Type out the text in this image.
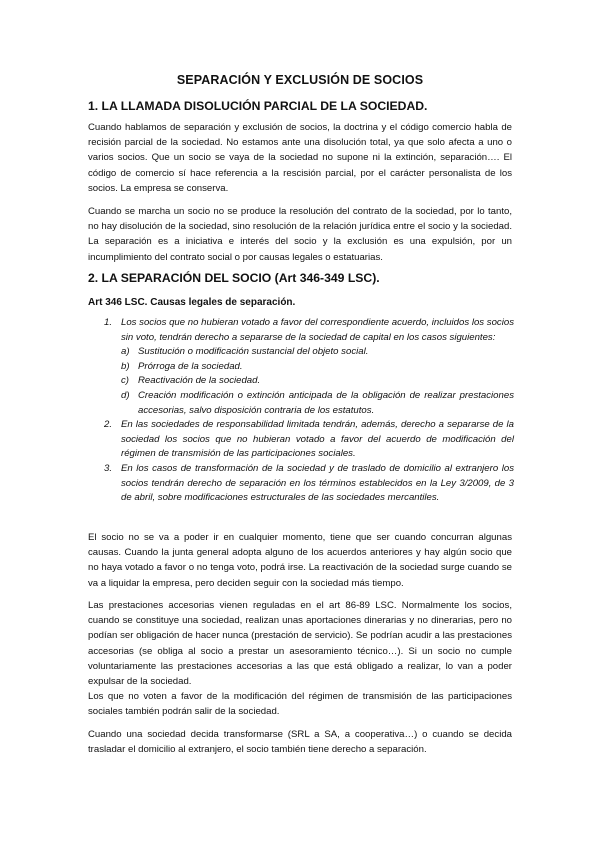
SEPARACIÓN Y EXCLUSIÓN DE SOCIOS
1. LA LLAMADA DISOLUCIÓN PARCIAL DE LA SOCIEDAD.

Cuando hablamos de separación y exclusión de socios, la doctrina y el código comercio habla de recisión parcial de la sociedad. No estamos ante una disolución total, ya que solo afecta a uno o varios socios. Que un socio se vaya de la sociedad no supone ni la extinción, separación…. El código de comercio sí hace referencia a la rescisión parcial, por el carácter personalista de los socios. La empresa se conserva.

Cuando se marcha un socio no se produce la resolución del contrato de la sociedad, por lo tanto, no hay disolución de la sociedad, sino resolución de la relación jurídica entre el socio y la sociedad. La separación es a iniciativa e interés del socio y la exclusión es una expulsión, por un incumplimiento del contrato social o por causas legales o estatuarias.

2. LA SEPARACIÓN DEL SOCIO (Art 346-349 LSC).
Art 346 LSC. Causas legales de separación.
1. Los socios que no hubieran votado a favor del correspondiente acuerdo, incluidos los socios sin voto, tendrán derecho a separarse de la sociedad de capital en los casos siguientes:
a) Sustitución o modificación sustancial del objeto social.
b) Prórroga de la sociedad.
c) Reactivación de la sociedad.
d) Creación modificación o extinción anticipada de la obligación de realizar prestaciones accesorias, salvo disposición contraria de los estatutos.
2. En las sociedades de responsabilidad limitada tendrán, además, derecho a separarse de la sociedad los socios que no hubieran votado a favor del acuerdo de modificación del régimen de transmisión de las participaciones sociales.
3. En los casos de transformación de la sociedad y de traslado de domicilio al extranjero los socios tendrán derecho de separación en los términos establecidos en la Ley 3/2009, de 3 de abril, sobre modificaciones estructurales de las sociedades mercantiles.

El socio no se va a poder ir en cualquier momento, tiene que ser cuando concurran algunas causas. Cuando la junta general adopta alguno de los acuerdos anteriores y hay algún socio que no haya votado a favor o no tenga voto, podrá irse. La reactivación de la sociedad surge cuando se va a liquidar la empresa, pero deciden seguir con la sociedad más tiempo.

Las prestaciones accesorias vienen reguladas en el art 86-89 LSC. Normalmente los socios, cuando se constituye una sociedad, realizan unas aportaciones dinerarias y no dinerarias, pero no podían ser obligación de hacer nunca (prestación de servicio). Se podrían acudir a las prestaciones accesorias (se obliga al socio a prestar un asesoramiento técnico…). Si un socio no cumple voluntariamente las prestaciones accesorias a las que está obligado a realizar, lo van a poder expulsar de la sociedad.

Los que no voten a favor de la modificación del régimen de transmisión de las participaciones sociales también podrán salir de la sociedad.

Cuando una sociedad decida transformarse (SRL a SA, a cooperativa…) o cuando se decida trasladar el domicilio al extranjero, el socio también tiene derecho a separación.
